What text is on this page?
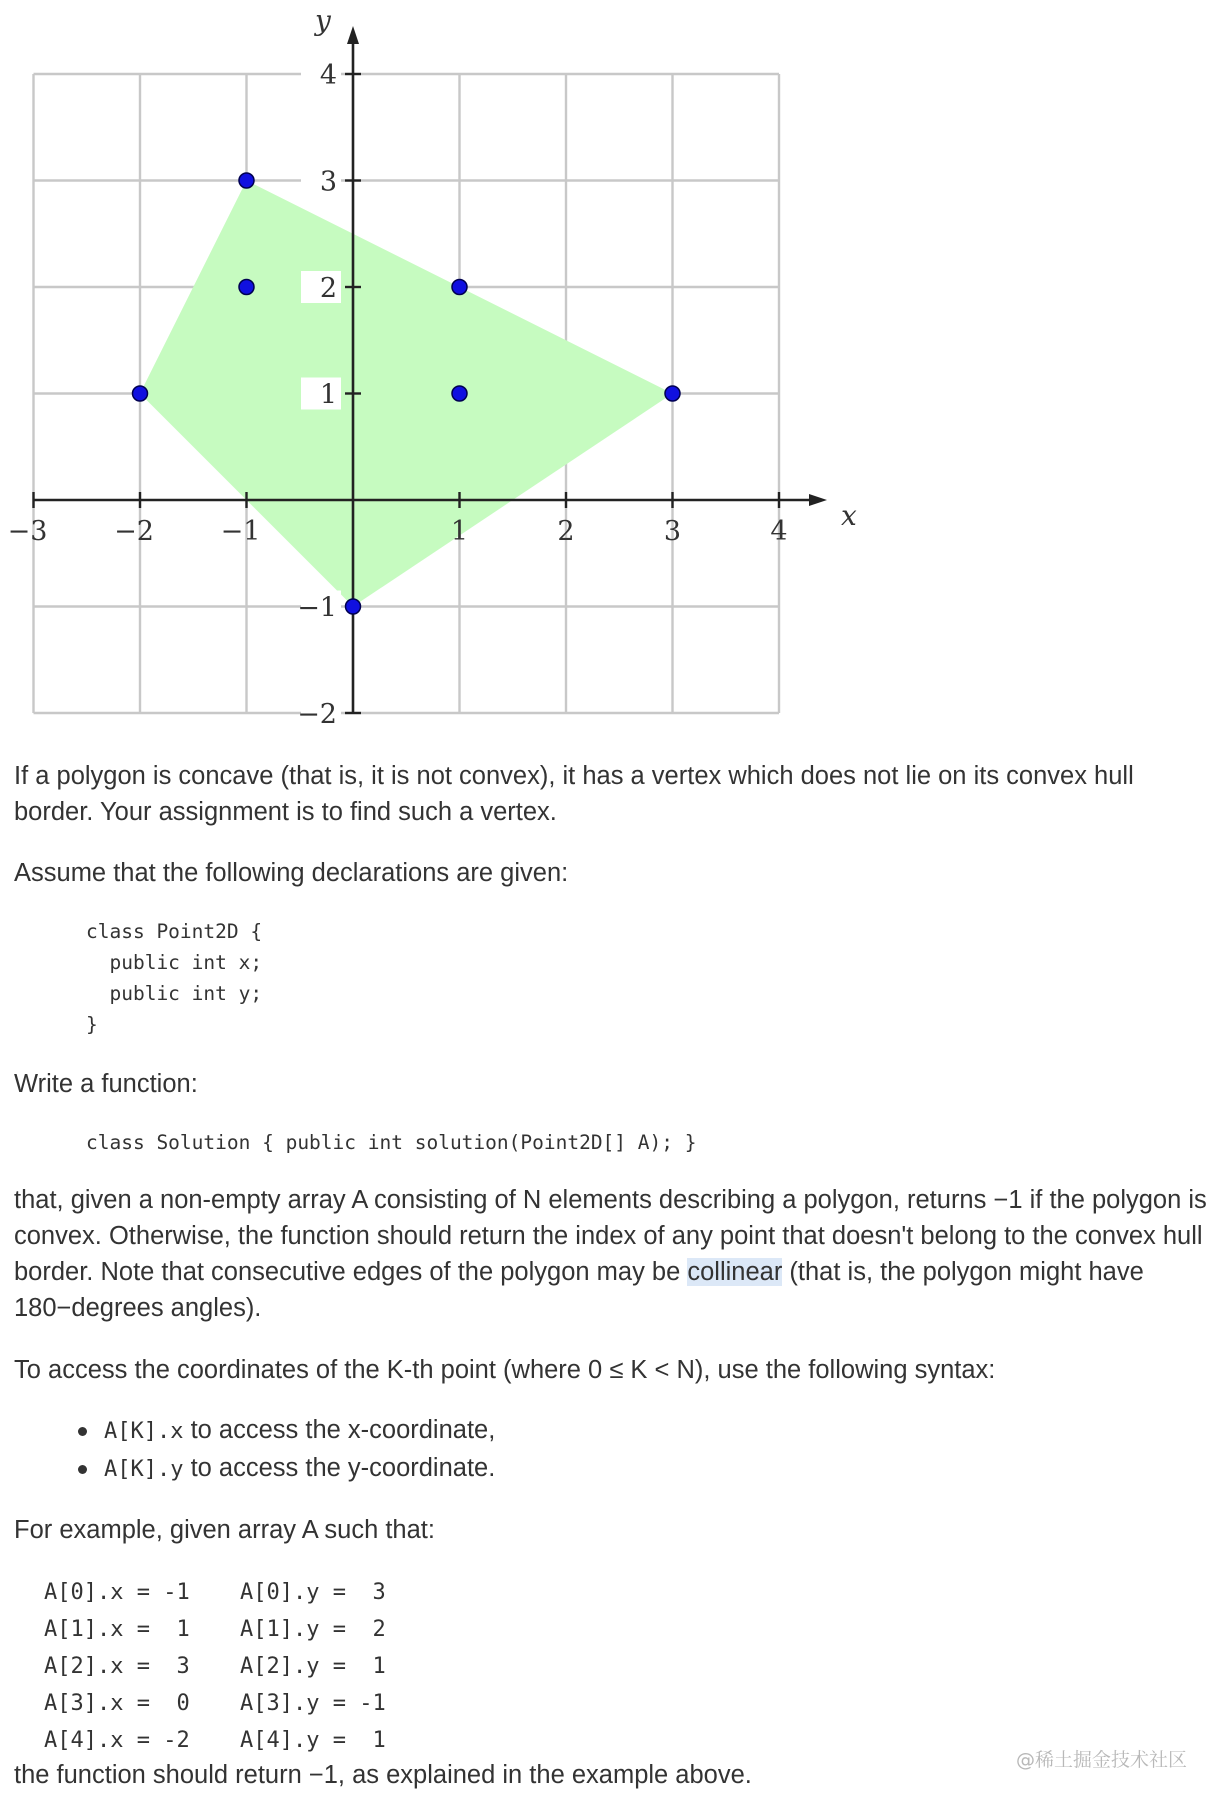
−3 −2 −1	1	2	3	4
4
3
2
1
−1
−2
x
y

If a polygon is concave (that is, it is not convex), it has a vertex which does not lie on its convex hull border. Your assignment is to find such a vertex.

Assume that the following declarations are given:

class Point2D {
public int x;
public int y;
}

Write a function:

class Solution { public int solution(Point2D[] A); }

that, given a non-empty array A consisting of N elements describing a polygon, returns −1 if the polygon is convex. Otherwise, the function should return the index of any point that doesn't belong to the convex hull border. Note that consecutive edges of the polygon may be collinear (that is, the polygon might have 180−degrees angles).

To access the coordinates of the K-th point (where 0 ≤ K < N), use the following syntax:

A[K].x to access the x-coordinate,
A[K].y to access the y-coordinate.

For example, given array A such that:

A[0].x = -1	A[0].y =  3
A[1].x =  1	A[1].y =  2
A[2].x =  3	A[2].y =  1
A[3].x =  0	A[3].y = -1
A[4].x = -2	A[4].y =  1

the function should return −1, as explained in the example above.

@稀土掘金技术社区
